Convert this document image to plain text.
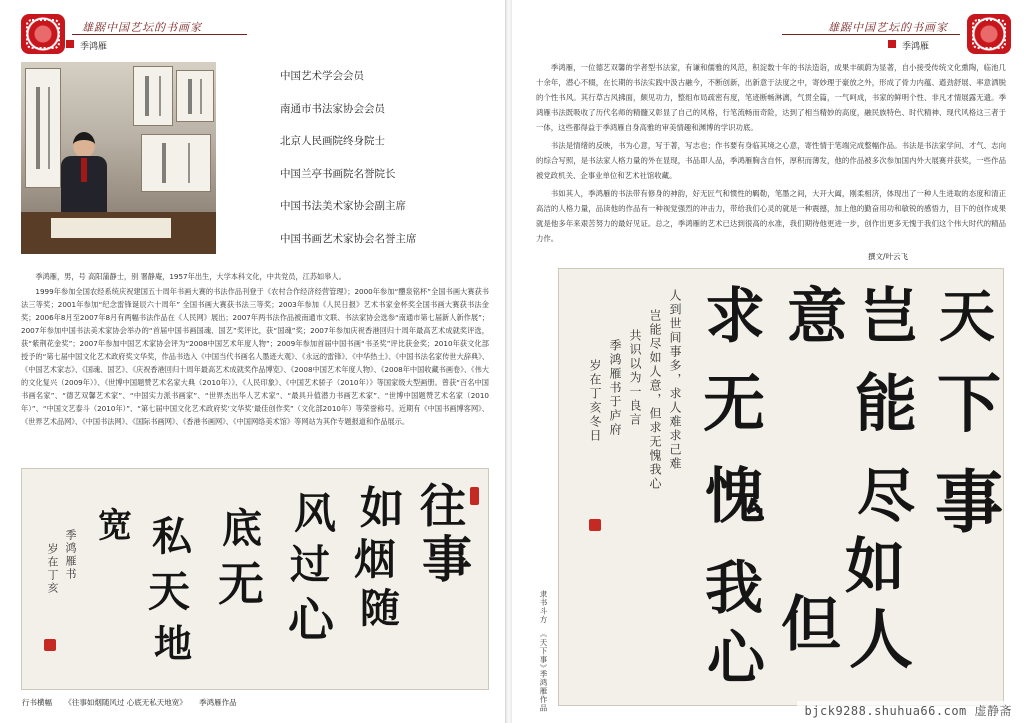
雄踞中国艺坛的书画家
季鸿雁
中国艺术学会会员
南通市书法家协会会员
北京人民画院终身院士
中国兰亭书画院名誉院长
中国书法美术家协会副主席
中国书画艺术家协会名誉主席

季鸿雁，男，号 高阳蒲静士，别 署静庵，1957年出生，大学本科文化，中共党员，江苏如皋人。

1999年参加全国农经系统庆祝建国五十周年书画大赛的书法作品刊登于《农村合作经济经营管理》；2000年参加“醴泉铭杯”全国书画大赛获书法三等奖；2001年参加“纪念雷锋诞辰六十周年” 全国书画大赛获书法三等奖；2003年参加《人民日报》艺术书家金杯奖全国书画大赛获书法金奖；2006年8月至2007年8月有两幅书法作品在《人民网》展出；2007年两书法作品被南通市文联、书法家协会选参“南通市第七届新人新作展”；2007年参加中国书法美术家协会举办的“首届中国书画国魂、国艺”奖评比，获“国魂”奖；2007年参加庆祝香港回归十周年最高艺术成就奖评选，获“紫荆花金奖”；2007年参加中国艺术家协会评为“2008中国艺术年度人物”；2009年参加首届中国书画“书圣奖”评比获金奖；2010年获文化部授予的“第七届中国文化艺术政府奖文华奖，作品书选入《中国当代书画名人墨迹大观》、《永远的雷锋》、《中华热土》、《中国书法名家传世大辞典》、《中国艺术家志》、《国魂、国艺》、《庆祝香港回归十周年最高艺术成就奖作品博览》、《2008中国艺术年度人物》、《2008年中国收藏书画卷》、《伟大的文化复兴（2009年）》、《世博中国题赞艺术名家大典（2010年）》、《人民印象》、《中国艺术骄子（2010年）》等国家级大型画册。曾获“百名中国书画名家”、“德艺双馨艺术家”、“中国实力派书画家”、“世界杰出华人艺术家”、“最具升值潜力书画艺术家”、“世博中国题赞艺术名家（2010年）”、“中国文艺泰斗（2010年）”、“第七届中国文化艺术政府奖‘文华奖’最佳创作奖”（文化部2010年）等荣誉称号。近期有《中国书画博客网》、《世界艺术品网》、《中国书法网》、《国际书画网》、《香港书画网》、《中国网络美术馆》等网站为其作专题报道和作品展示。

往
事
如
烟
随
风
过
心
底
无
私
天
地
宽
季鸿雁书
岁在丁亥
行书横幅 《往事如烟随风过 心底无私天地宽》 季鸿雁作品
雄踞中国艺坛的书画家
季鸿雁

季鸿雁，一位德艺双馨的学者型书法家，有谦和儒雅的风范，积淀数十年的书法造诣，成果丰硕蔚为显著，自小接受传统文化熏陶，临池几十余年，潜心不辍，在长期的书法实践中汲古融今，不断创新，出新意于法度之中，寄妙理于豪放之外，形成了骨力内蕴、遒劲舒展、率意洒脱的个性书风。其行草古风拂面，颇见功力，整组布局疏密有度，笔迹断畅淋漓，气贯全篇，一气呵成，书家的鲜明个性、非凡才情展露无遗。季鸿雁书法既吸收了历代名师的精髓又彰显了自己的风格，行笔流畅而奇险，达到了相当精妙的高度，融民族特色、时代精神、现代风格这三者于一体，这些都得益于季鸿雁自身高雅的审美情趣和渊博的学识功底。

书法是情绪的反映，书为心意，写于著，写志也；作书要有身临其境之心意，寄性情于笔端完成整幅作品。书法是书法家学问、才气、志向的综合写照，是书法家人格力量的外在显现，书品即人品，季鸿雁胸含自怀，厚积而薄发，他的作品被多次参加国内外大展赛并获奖，一些作品被党政机关、企事业单位和艺术社馆收藏。

书如其人，季鸿雁的书法带有修身的神韵，好无匠气和惯性的羁勒，笔墨之间，大开大阖，刚柔相济，体现出了一种人生进取的态度和清正高洁的人格力量，品读他的作品有一种视觉强烈的冲击力，带给我们心灵的就是一种震撼，加上他的勤奋用功和敏锐的感悟力，目下的创作成果就是他多年来艰苦努力的最好见证。总之，季鸿雁的艺术已达到很高的水准，我们期待他更进一步，创作出更多无愧于我们这个伟大时代的精品力作。

撰文/叶云飞
天
下
事
岂
能
尽
如
人
意
但
求
无
愧
我
心
人到世间事多，求人难求己难
岂能尽如人意，但求无愧我心
共识以为一良言
季鸿雁书于庐府
岁在丁亥冬日
隶书斗方
《天下事》
季鸿雁作品	bjck9288.shuhua66.com 虚静斋
